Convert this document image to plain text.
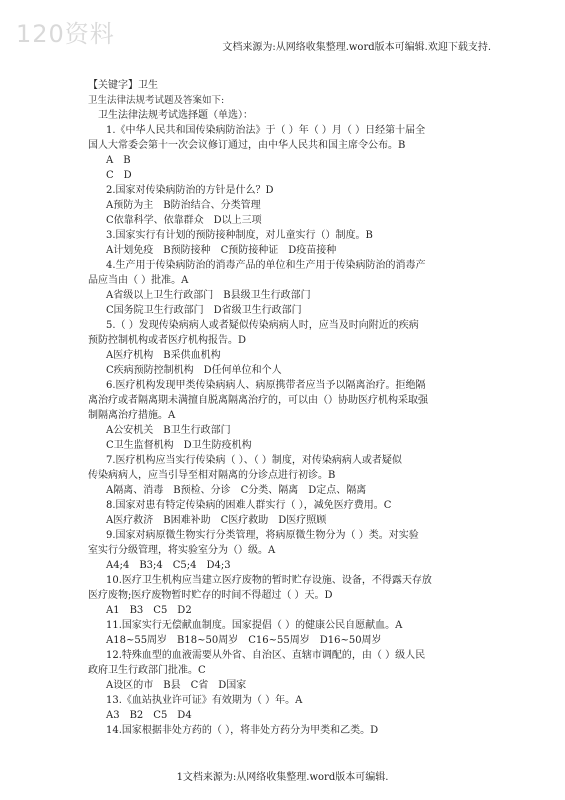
120资料	文档来源为:从网络收集整理.word版本可编辑.欢迎下载支持.
【关键字】卫生
卫生法律法规考试题及答案如下:
卫生法律法规考试选择题（单选）：
1.《中华人民共和国传染病防治法》于（ ）年（ ）月（ ）日经第十届全
国人大常委会第十一次会议修订通过，由中华人民共和国主席令公布。B
A　B
C　D
2.国家对传染病防治的方针是什么？D
A预防为主　B防治结合、分类管理
C依靠科学、依靠群众　D以上三项
3.国家实行有计划的预防接种制度，对儿童实行（）制度。B
A计划免疫　B预防接种　C预防接种证　D疫苗接种
4.生产用于传染病防治的消毒产品的单位和生产用于传染病防治的消毒产
品应当由（ ）批准。A
A省级以上卫生行政部门　B县级卫生行政部门
C国务院卫生行政部门　D省级卫生行政部门
5.（ ）发现传染病病人或者疑似传染病病人时，应当及时向附近的疾病
预防控制机构或者医疗机构报告。D
A医疗机构　B采供血机构
C疾病预防控制机构　D任何单位和个人
6.医疗机构发现甲类传染病病人、病原携带者应当予以隔离治疗。拒绝隔
离治疗或者隔离期未满擅自脱离隔离治疗的，可以由（）协助医疗机构采取强
制隔离治疗措施。A
A公安机关　B卫生行政部门
C卫生监督机构　D卫生防疫机构
7.医疗机构应当实行传染病（ ）、（ ）制度，对传染病病人或者疑似
传染病病人，应当引导至相对隔离的分诊点进行初诊。B
A隔离、消毒　B预检、分诊　C分类、隔离　D定点、隔离
8.国家对患有特定传染病的困难人群实行（ ），减免医疗费用。C
A医疗救济　B困难补助　C医疗救助　D医疗照顾
9.国家对病原微生物实行分类管理，将病原微生物分为（ ）类。对实验
室实行分级管理，将实验室分为（）级。A
A4;4　B3;4　C5;4　D4;3
10.医疗卫生机构应当建立医疗废物的暂时贮存设施、设备，不得露天存放
医疗废物;医疗废物暂时贮存的时间不得超过（ ）天。D
A1　B3　C5　D2
11.国家实行无偿献血制度。国家提倡（ ）的健康公民自愿献血。A
A18~55周岁　B18~50周岁　C16~55周岁　D16~50周岁
12.特殊血型的血液需要从外省、自治区、直辖市调配的，由（ ）级人民
政府卫生行政部门批准。C
A设区的市　B县　C省　D国家
13.《血站执业许可证》有效期为（ ）年。A
A3　B2　C5　D4
14.国家根据非处方药的（ ），将非处方药分为甲类和乙类。D
1文档来源为:从网络收集整理.word版本可编辑.
